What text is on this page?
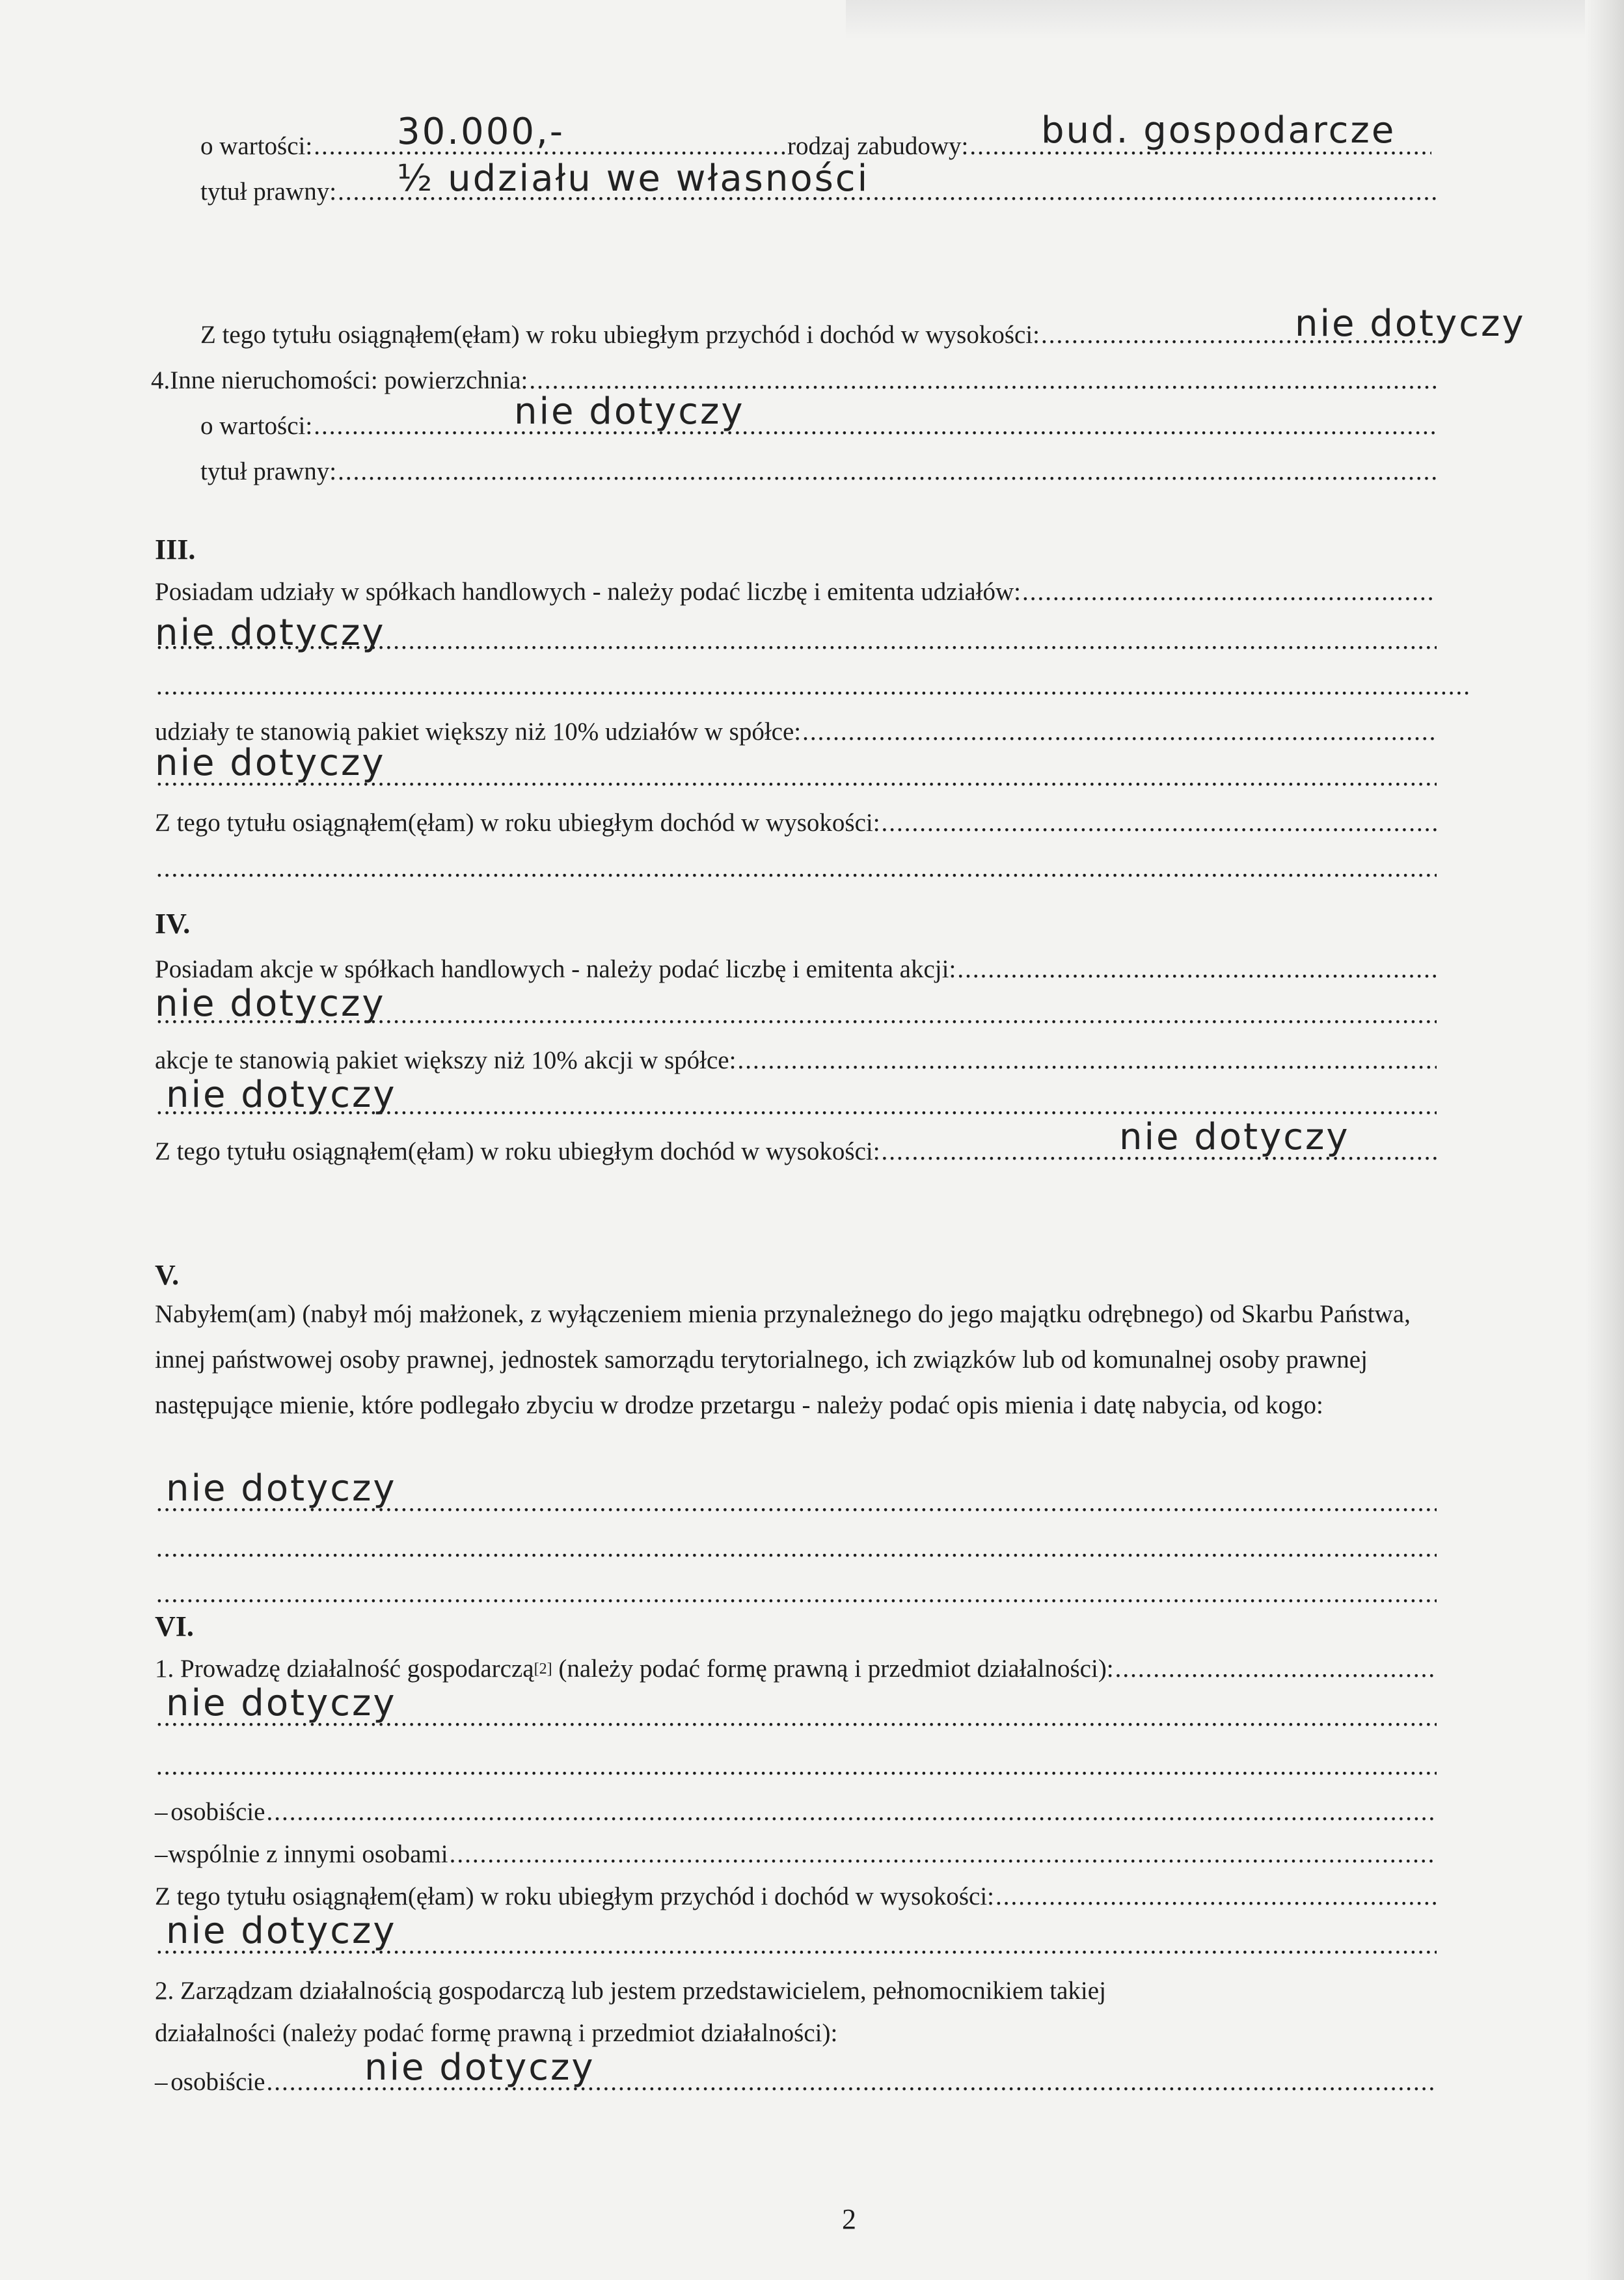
o wartości: ..... 30.000,-	rodzaj zabudowy: ..... bud. gospodarcze
tytuł prawny: ..... ½ udziału we własności
Z tego tytułu osiągnąłem(ęłam) w roku ubiegłym przychód i dochód w wysokości: .....	nie dotyczy
4. Inne nieruchomości: powierzchnia:
.....
o wartości: .....	nie dotyczy
tytuł prawny:
.....
III.
Posiadam udziały w spółkach handlowych - należy podać liczbę i emitenta udziałów:
.....
.....
nie dotyczy
.....
udziały te stanowią pakiet większy niż 10% udziałów w spółce:
.....
.....
nie dotyczy
Z tego tytułu osiągnąłem(ęłam) w roku ubiegłym dochód w wysokości:
.....
.....
IV.
Posiadam akcje w spółkach handlowych - należy podać liczbę i emitenta akcji:
.....
.....
nie dotyczy
akcje te stanowią pakiet większy niż 10% akcji w spółce:
.....
.....
nie dotyczy
Z tego tytułu osiągnąłem(ęłam) w roku ubiegłym dochód w wysokości: .....	nie dotyczy
V.
Nabyłem(am) (nabył mój małżonek, z wyłączeniem mienia przynależnego do jego majątku odrębnego) od Skarbu Państwa, innej państwowej osoby prawnej, jednostek samorządu terytorialnego, ich związków lub od komunalnej osoby prawnej następujące mienie, które podlegało zbyciu w drodze przetargu - należy podać opis mienia i datę nabycia, od kogo:
.....
nie dotyczy
.....
.....
VI.
1. Prowadzę działalność gospodarczą [2] (należy podać formę prawną i przedmiot działalności):
.....
.....
nie dotyczy
.....
– osobiście
.....
– wspólnie z innymi osobami
.....
Z tego tytułu osiągnąłem(ęłam) w roku ubiegłym przychód i dochód w wysokości:
.....
.....
nie dotyczy
2. Zarządzam działalnością gospodarczą lub jestem przedstawicielem, pełnomocnikiem takiej
działalności (należy podać formę prawną i przedmiot działalności):
– osobiście .....	nie dotyczy
2
